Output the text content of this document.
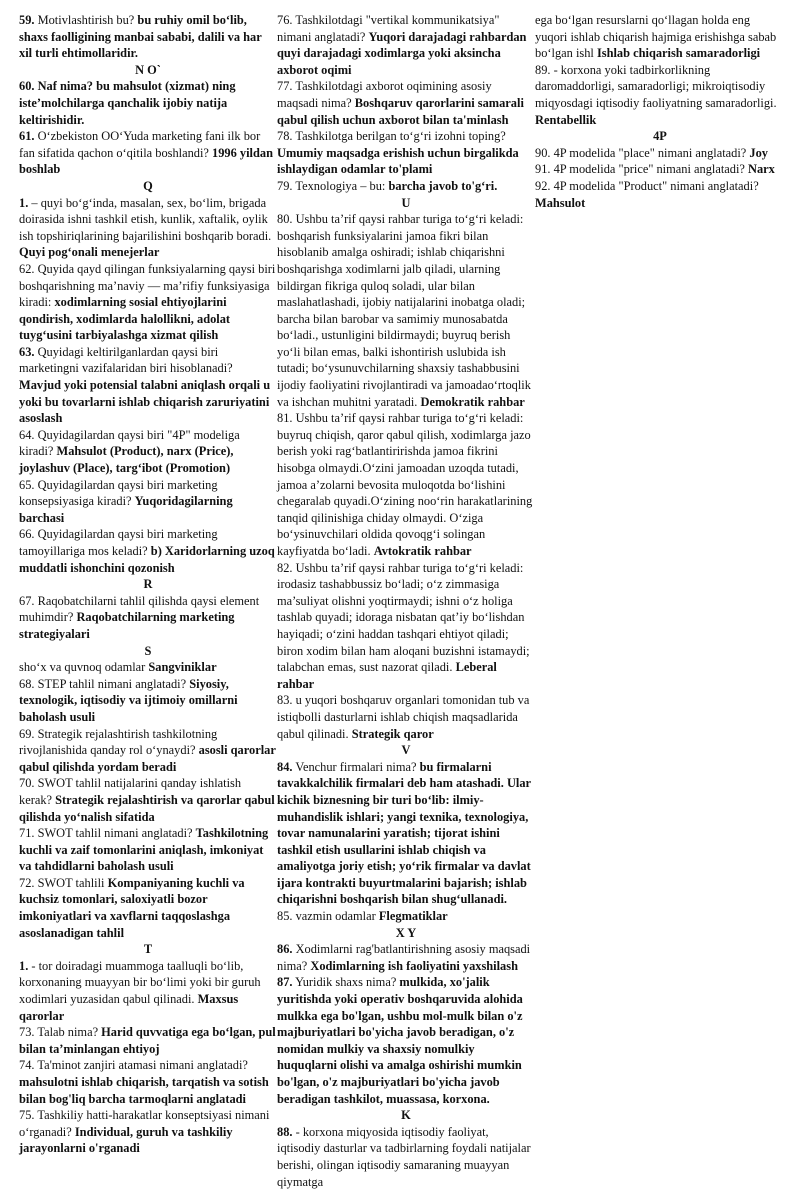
59. Motivlashtirish bu? bu ruhiy omil bo‘lib, shaxs faolligining manbai sababi, dalili va har xil turli ehtimollaridir.

N O`

60. Naf nima? bu mahsulot (xizmat) ning iste’molchilarga qanchalik ijobiy natija keltirishidir.

61. O‘zbekiston OO‘Yuda marketing fani ilk bor fan sifatida qachon o‘qitila boshlandi? 1996 yildan boshlab

Q

1. – quyi bo‘g‘inda, masalan, sex, bo‘lim, brigada doirasida ishni tashkil etish, kunlik, xaftalik, oylik ish topshiriqlarining bajarilishini boshqarib boradi. Quyi pog‘onali menejerlar

62. Quyida qayd qilingan funksiyalarning qaysi biri boshqarishning ma’naviy — ma’rifiy funksiyasiga kiradi: xodimlarning sosial ehtiyojlarini qondirish, xodimlarda halollikni, adolat tuyg‘usini tarbiyalashga xizmat qilish

63. Quyidagi keltirilganlardan qaysi biri marketingni vazifalaridan biri hisoblanadi? Mavjud yoki potensial talabni aniqlash orqali u yoki bu tovarlarni ishlab chiqarish zaruriyatini asoslash

64. Quyidagilardan qaysi biri "4P" modeliga kiradi? Mahsulot (Product), narx (Price), joylashuv (Place), targ‘ibot (Promotion)

65. Quyidagilardan qaysi biri marketing konsepsiyasiga kiradi? Yuqoridagilarning barchasi

66. Quyidagilardan qaysi biri marketing tamoyillariga mos keladi? b) Xaridorlarning uzoq muddatli ishonchini qozonish

R

67. Raqobatchilarni tahlil qilishda qaysi element muhimdir? Raqobatchilarning marketing strategiyalari

S

sho‘x va quvnoq odamlar Sangviniklar

68. STEP tahlil nimani anglatadi? Siyosiy, texnologik, iqtisodiy va ijtimoiy omillarni baholash usuli

69. Strategik rejalashtirish tashkilotning rivojlanishida qanday rol o‘ynaydi? asosli qarorlar qabul qilishda yordam beradi

70. SWOT tahlil natijalarini qanday ishlatish kerak? Strategik rejalashtirish va qarorlar qabul qilishda yo‘nalish sifatida

71. SWOT tahlil nimani anglatadi? Tashkilotning kuchli va zaif tomonlarini aniqlash, imkoniyat va tahdidlarni baholash usuli

72. SWOT tahlili Kompaniyaning kuchli va kuchsiz tomonlari, saloxiyatli bozor imkoniyatlari va xavflarni taqqoslashga asoslanadigan tahlil

T

1. - tor doiradagi muammoga taalluqli bo‘lib, korxonaning muayyan bir bo‘limi yoki bir guruh xodimlari yuzasidan qabul qilinadi. Maxsus qarorlar

73. Talab nima? Harid quvvatiga ega bo‘lgan, pul bilan ta’minlangan ehtiyoj

74. Ta'minot zanjiri atamasi nimani anglatadi? mahsulotni ishlab chiqarish, tarqatish va sotish bilan bog'liq barcha tarmoqlarni anglatadi

75. Tashkiliy hatti-harakatlar konseptsiyasi nimani o‘rganadi? Individual, guruh va tashkiliy jarayonlarni o'rganadi

76. Tashkilotdagi "vertikal kommunikatsiya" nimani anglatadi? Yuqori darajadagi rahbardan quyi darajadagi xodimlarga yoki aksincha axborot oqimi

77. Tashkilotdagi axborot oqimining asosiy maqsadi nima? Boshqaruv qarorlarini samarali qabul qilish uchun axborot bilan ta'minlash

78. Tashkilotga berilgan to‘g‘ri izohni toping? Umumiy maqsadga erishish uchun birgalikda ishlaydigan odamlar to'plami

79. Texnologiya – bu: barcha javob to'g‘ri.

U

80. Ushbu ta’rif qaysi rahbar turiga to‘g‘ri keladi: boshqarish funksiyalarini jamoa fikri bilan hisoblanib amalga oshiradi; ishlab chiqarishni boshqarishga xodimlarni jalb qiladi, ularning bildirgan fikriga quloq soladi, ular bilan maslahatlashadi, ijobiy natijalarini inobatga oladi; barcha bilan barobar va samimiy munosabatda bo‘ladi., ustunligini bildirmaydi; buyruq berish yo‘li bilan emas, balki ishontirish uslubida ish tutadi; bo‘ysunuvchilarning shaxsiy tashabbusini ijodiy faoliyatini rivojlantiradi va jamoadao‘rtoqlik va ishchan muhitni yaratadi. Demokratik rahbar

81. Ushbu ta’rif qaysi rahbar turiga to‘g‘ri keladi: buyruq chiqish, qaror qabul qilish, xodimlarga jazo berish yoki rag‘batlantiririshda jamoa fikrini hisobga olmaydi.O‘zini jamoadan uzoqda tutadi, jamoa a’zolarni bevosita muloqotda bo‘lishini chegaralab quyadi.O‘zining noo‘rin harakatlarining tanqid qilinishiga chiday olmaydi. O‘ziga bo‘ysinuvchilari oldida qovoqg‘i solingan kayfiyatda bo‘ladi. Avtokratik rahbar

82. Ushbu ta’rif qaysi rahbar turiga to‘g‘ri keladi: irodasiz tashabbussiz bo‘ladi; o‘z zimmasiga ma’suliyat olishni yoqtirmaydi; ishni o‘z holiga tashlab quyadi; idoraga nisbatan qat’iy bo‘lishdan hayiqadi; o‘zini haddan tashqari ehtiyot qiladi; biron xodim bilan ham aloqani buzishni istamaydi; talabchan emas, sust nazorat qiladi. Leberal rahbar

83. u yuqori boshqaruv organlari tomonidan tub va istiqbolli dasturlarni ishlab chiqish maqsadlarida qabul qilinadi. Strategik qaror

V

84. Venchur firmalari nima? bu firmalarni tavakkalchilik firmalari deb ham atashadi. Ular kichik biznesning bir turi bo‘lib: ilmiy-muhandislik ishlari; yangi texnika, texnologiya, tovar namunalarini yaratish; tijorat ishini tashkil etish usullarini ishlab chiqish va amaliyotga joriy etish; yo‘rik firmalar va davlat ijara kontrakti buyurtmalarini bajarish; ishlab chiqarishni boshqarish bilan shug‘ullanadi.

85. vazmin odamlar Flegmatiklar

X Y

86. Xodimlarni rag'batlantirishning asosiy maqsadi nima? Xodimlarning ish faoliyatini yaxshilash

87. Yuridik shaxs nima? mulkida, xo'jalik yuritishda yoki operativ boshqaruvida alohida mulkka ega bo'lgan, ushbu mol-mulk bilan o'z majburiyatlari bo'yicha javob beradigan, o'z nomidan mulkiy va shaxsiy nomulkiy huquqlarni olishi va amalga oshirishi mumkin bo'lgan, o'z majburiyatlari bo'yicha javob beradigan tashkilot, muassasa, korxona.

K

88. - korxona miqyosida iqtisodiy faoliyat, iqtisodiy dasturlar va tadbirlarning foydali natijalar berishi, olingan iqtisodiy samaraning muayyan qiymatga

ega bo‘lgan resurslarni qo‘llagan holda eng yuqori ishlab chiqarish hajmiga erishishga sabab bo‘lgan ishl Ishlab chiqarish samaradorligi

89. - korxona yoki tadbirkorlikning daromaddorligi, samaradorligi; mikroiqtisodiy miqyosdagi iqtisodiy faoliyatning samaradorligi. Rentabellik

4P

90. 4P modelida "place" nimani anglatadi? Joy

91. 4P modelida "price" nimani anglatadi? Narx

92. 4P modelida "Product" nimani anglatadi? Mahsulot
